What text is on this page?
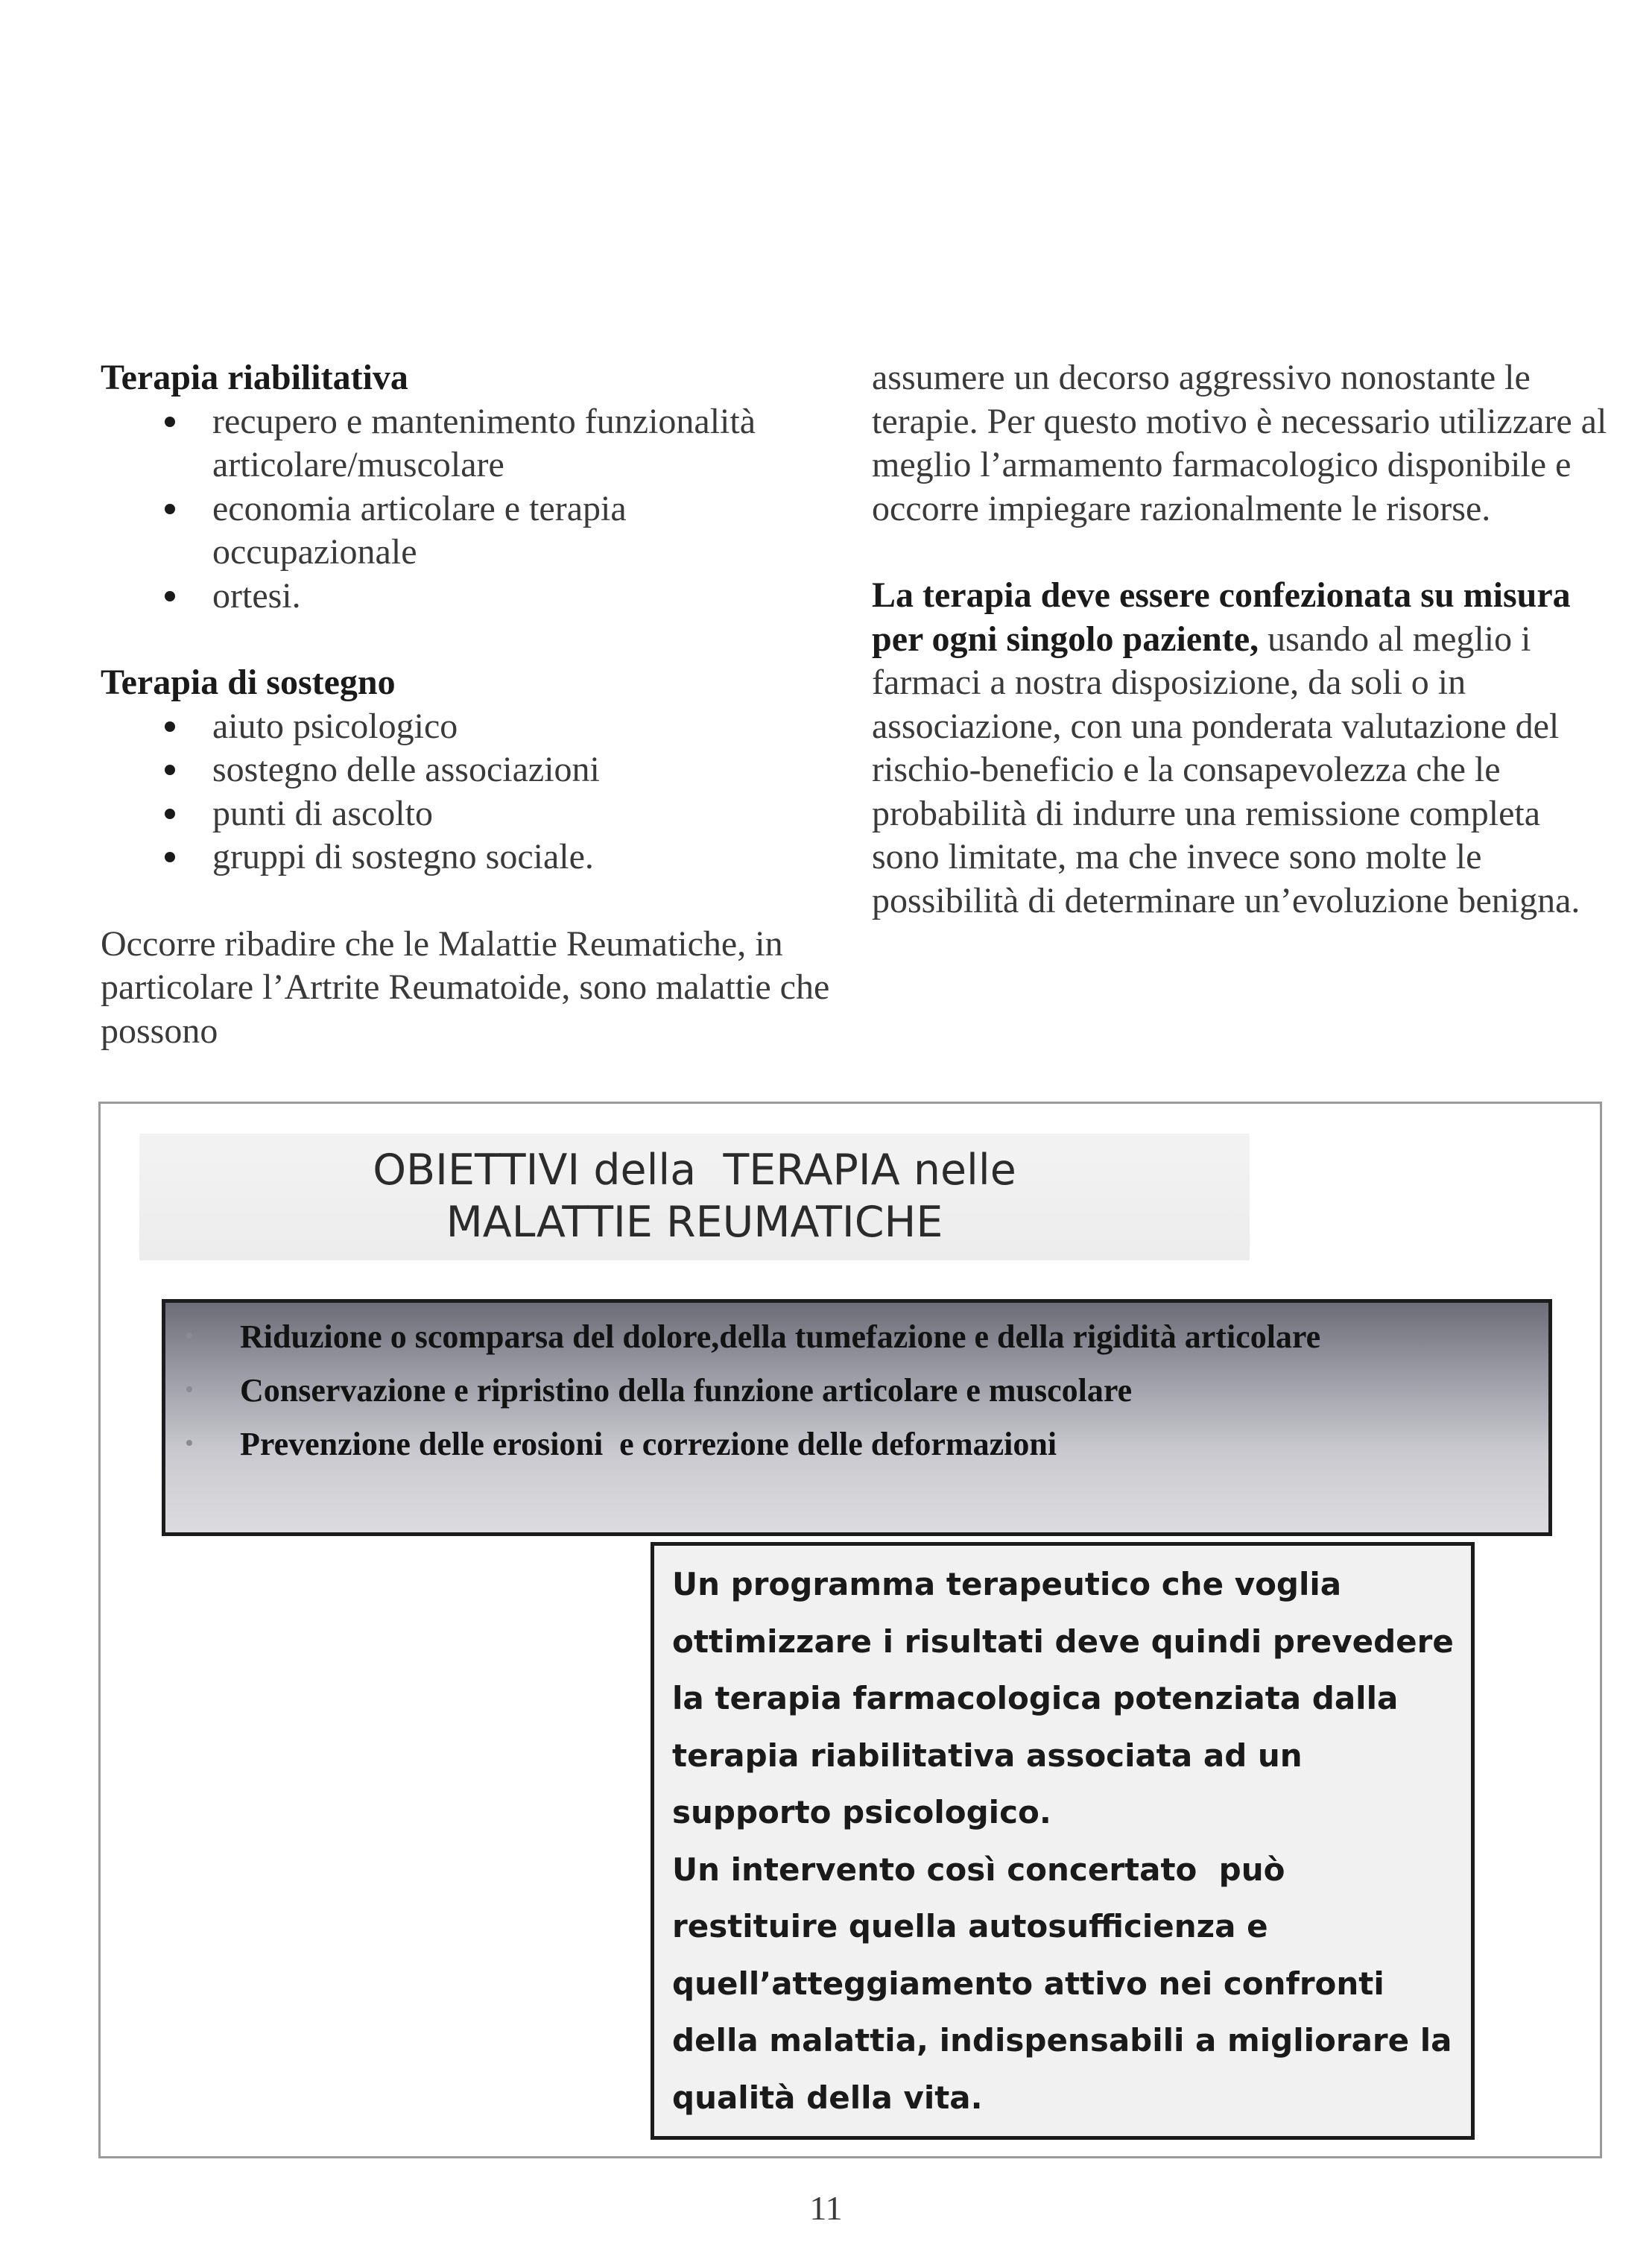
Terapia riabilitativa

recupero e mantenimento funzionalità articolare/muscolare
economia articolare e terapia occupazionale
ortesi.

Terapia di sostegno

aiuto psicologico
sostegno delle associazioni
punti di ascolto
gruppi di sostegno sociale.

Occorre ribadire che le Malattie Reumatiche, in particolare l’Artrite Reumatoide, sono malattie che possono

assumere un decorso aggressivo nonostante le terapie. Per questo motivo è necessario utilizzare al meglio l’armamento farmacologico disponibile e occorre impiegare razionalmente le risorse.

La terapia deve essere confezionata su misura per ogni singolo paziente, usando al meglio i farmaci a nostra disposizione, da soli o in associazione, con una ponderata valutazione del rischio-beneficio e la consapevolezza che le probabilità di indurre una remissione completa sono limitate, ma che invece sono molte le possibilità di determinare un’evoluzione benigna.

OBIETTIVI della  TERAPIA nelle
MALATTIE REUMATICHE
Riduzione o scomparsa del dolore,della tumefazione e della rigidità articolare
Conservazione e ripristino della funzione articolare e muscolare
Prevenzione delle erosioni  e correzione delle deformazioni
Un programma terapeutico che voglia
ottimizzare i risultati deve quindi prevedere
la terapia farmacologica potenziata dalla
terapia riabilitativa associata ad un
supporto psicologico.
Un intervento così concertato  può
restituire quella autosufficienza e
quell’atteggiamento attivo nei confronti
della malattia, indispensabili a migliorare la
qualità della vita.
11
